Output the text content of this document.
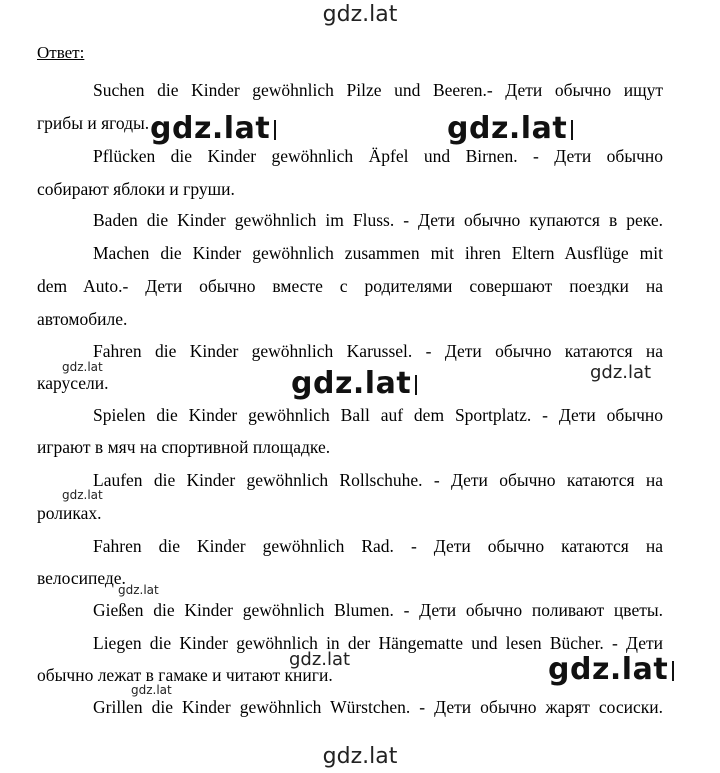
gdz.lat
Ответ:
Suchen die Kinder gewöhnlich Pilze und Beeren.- Дети обычно ищут
грибы и ягоды.
Pflücken die Kinder gewöhnlich Äpfel und Birnen. - Дети обычно
собирают яблоки и груши.
Baden die Kinder gewöhnlich im Fluss. - Дети обычно купаются в реке.
Machen die Kinder gewöhnlich zusammen mit ihren Eltern Ausflüge mit
dem Auto.- Дети обычно вместе с родителями совершают поездки на
автомобиле.
Fahren die Kinder gewöhnlich Karussel. - Дети обычно катаются на
карусели.
Spielen die Kinder gewöhnlich Ball auf dem Sportplatz. - Дети обычно
играют в мяч на спортивной площадке.
Laufen die Kinder gewöhnlich Rollschuhe. - Дети обычно катаются на
роликах.
Fahren die Kinder gewöhnlich Rad. - Дети обычно катаются на
велосипеде.
Gießen die Kinder gewöhnlich Blumen. - Дети обычно поливают цветы.
Liegen die Kinder gewöhnlich in der Hängematte und lesen Bücher. - Дети
обычно лежат в гамаке и читают книги.
Grillen die Kinder gewöhnlich Würstchen. - Дети обычно жарят сосиски.
gdz.lat	gdz.lat
gdz.lat	gdz.lat	gdz.lat
gdz.lat
gdz.lat
gdz.lat	gdz.lat
gdz.lat
gdz.lat
